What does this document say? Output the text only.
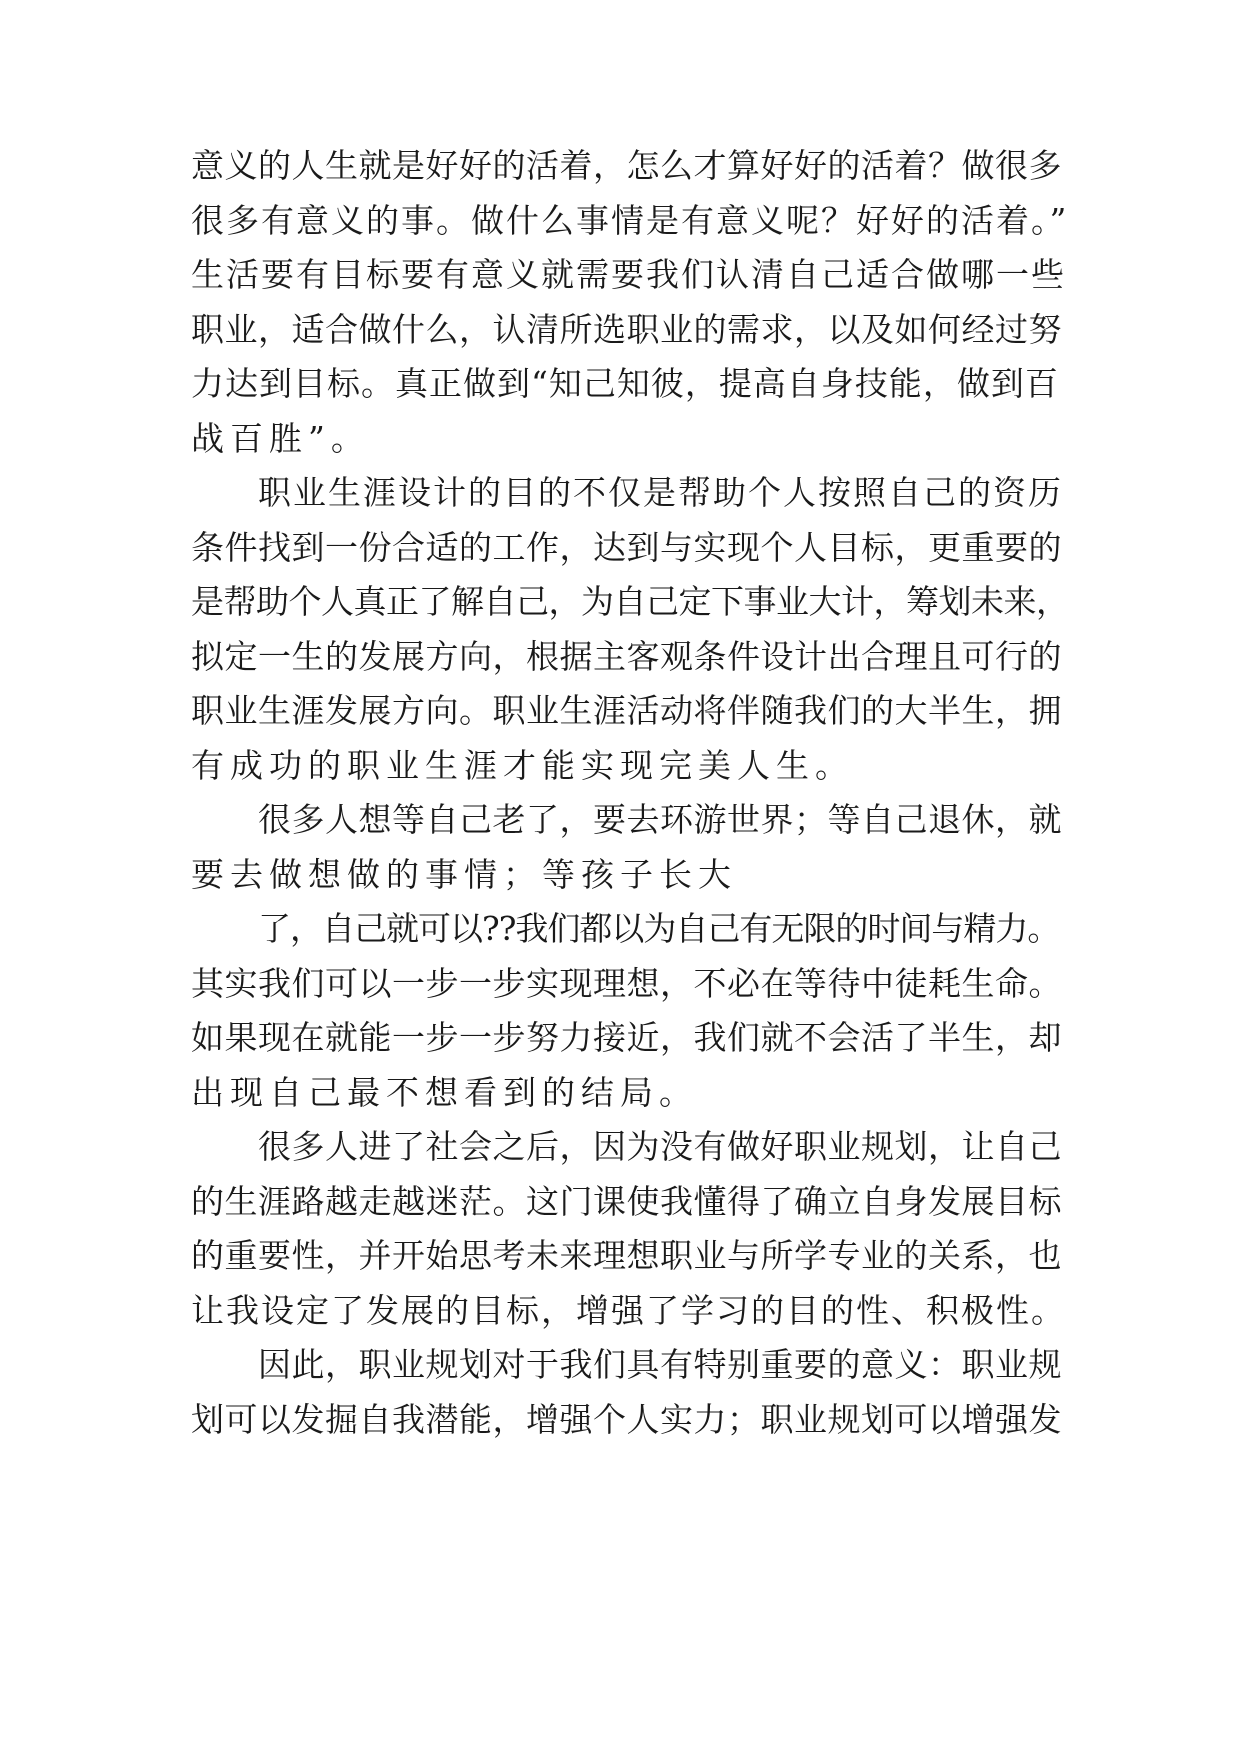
意义的人生就是好好的活着，怎么才算好好的活着？做很多
很多有意义的事。做什么事情是有意义呢？好好的活着。”
生活要有目标要有意义就需要我们认清自己适合做哪一些
职业，适合做什么，认清所选职业的需求，以及如何经过努
力达到目标。真正做到“知己知彼，提高自身技能，做到百
战百胜”。
职业生涯设计的目的不仅是帮助个人按照自己的资历
条件找到一份合适的工作，达到与实现个人目标，更重要的
是帮助个人真正了解自己，为自己定下事业大计，筹划未来，
拟定一生的发展方向，根据主客观条件设计出合理且可行的
职业生涯发展方向。职业生涯活动将伴随我们的大半生，拥
有成功的职业生涯才能实现完美人生。
很多人想等自己老了，要去环游世界；等自己退休，就
要去做想做的事情；等孩子长大
了，自己就可以??我们都以为自己有无限的时间与精力。
其实我们可以一步一步实现理想，不必在等待中徒耗生命。
如果现在就能一步一步努力接近，我们就不会活了半生，却
出现自己最不想看到的结局。
很多人进了社会之后，因为没有做好职业规划，让自己
的生涯路越走越迷茫。这门课使我懂得了确立自身发展目标
的重要性，并开始思考未来理想职业与所学专业的关系，也
让我设定了发展的目标，增强了学习的目的性、积极性。
因此，职业规划对于我们具有特别重要的意义：职业规
划可以发掘自我潜能，增强个人实力；职业规划可以增强发
